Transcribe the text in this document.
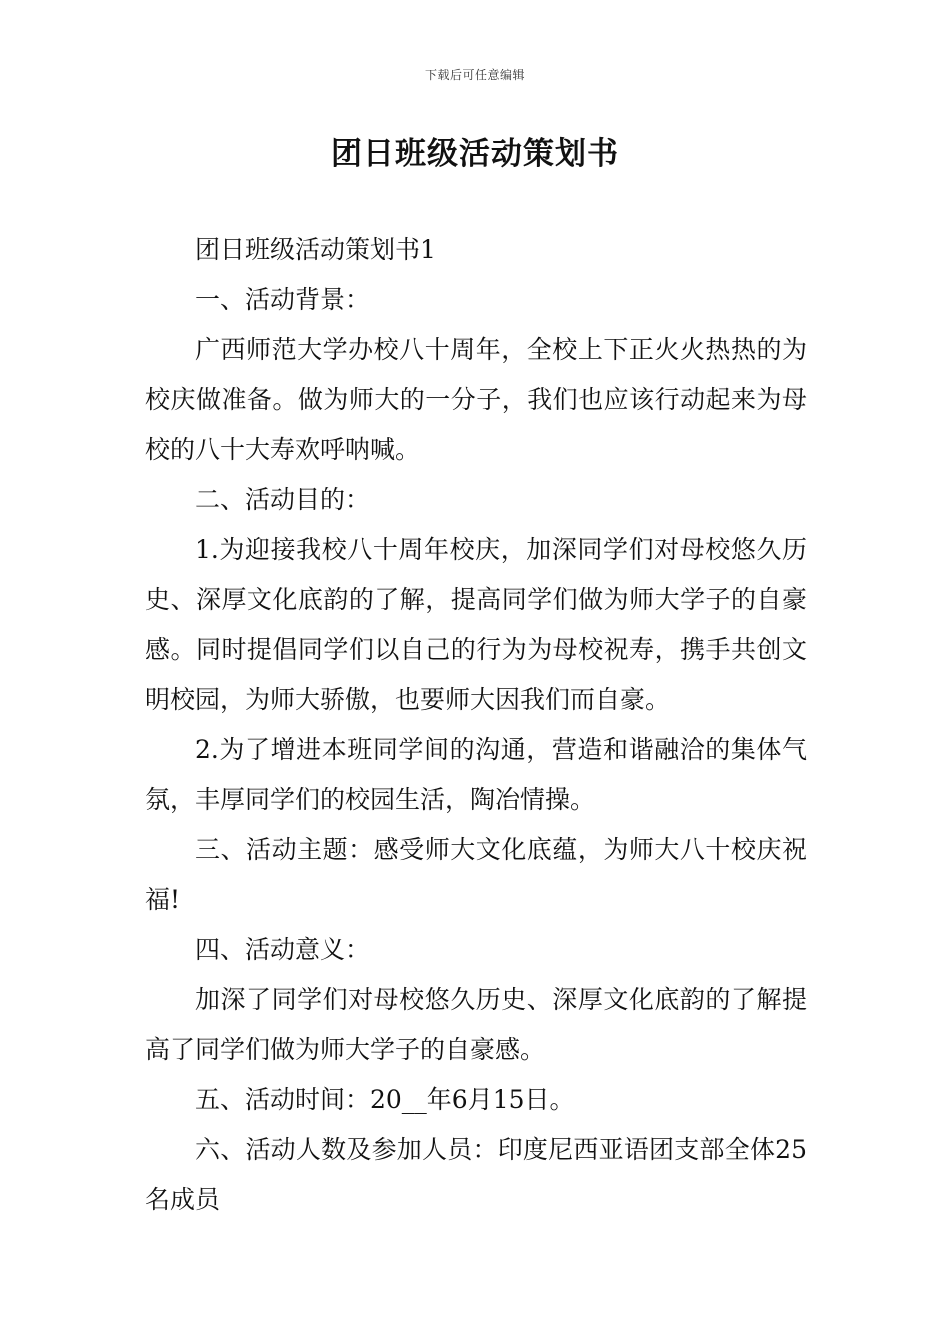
下载后可任意编辑
团日班级活动策划书

团日班级活动策划书1

一、活动背景：

广西师范大学办校八十周年，全校上下正火火热热的为校庆做准备。做为师大的一分子，我们也应该行动起来为母校的八十大寿欢呼呐喊。

二、活动目的：

1.为迎接我校八十周年校庆，加深同学们对母校悠久历史、深厚文化底韵的了解，提高同学们做为师大学子的自豪感。同时提倡同学们以自己的行为为母校祝寿，携手共创文明校园，为师大骄傲，也要师大因我们而自豪。

2.为了增进本班同学间的沟通，营造和谐融洽的集体气氛，丰厚同学们的校园生活，陶冶情操。

三、活动主题：感受师大文化底蕴，为师大八十校庆祝福!

四、活动意义：

加深了同学们对母校悠久历史、深厚文化底韵的了解提高了同学们做为师大学子的自豪感。

五、活动时间：20__年6月15日。

六、活动人数及参加人员：印度尼西亚语团支部全体25名成员
